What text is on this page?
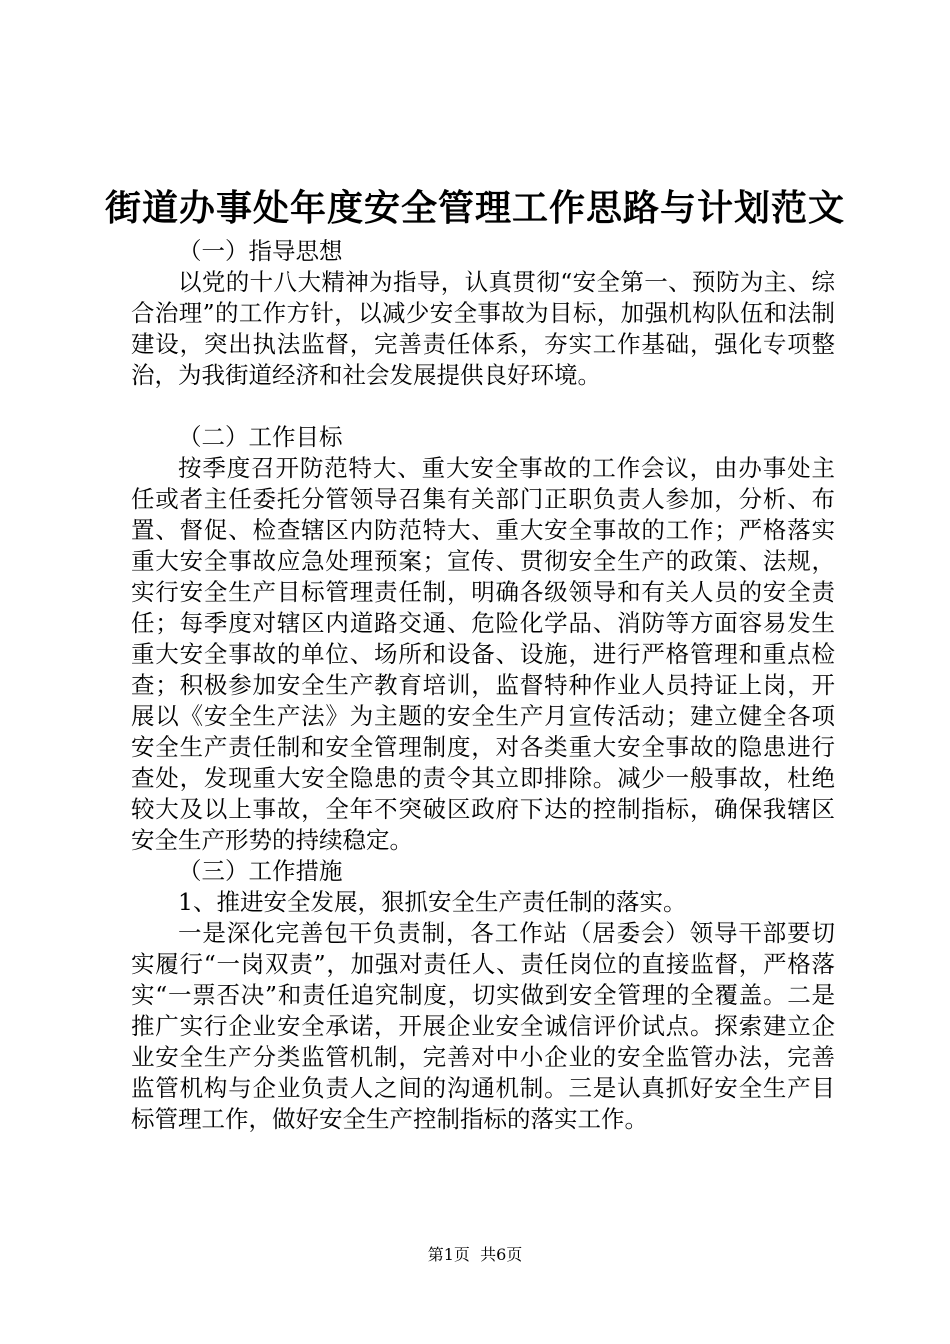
街道办事处年度安全管理工作思路与计划范文

（一）指导思想

以党的十八大精神为指导，认真贯彻“安全第一、预防为主、综合治理”的工作方针，以减少安全事故为目标，加强机构队伍和法制建设，突出执法监督，完善责任体系，夯实工作基础，强化专项整治，为我街道经济和社会发展提供良好环境。

（二）工作目标

按季度召开防范特大、重大安全事故的工作会议，由办事处主任或者主任委托分管领导召集有关部门正职负责人参加，分析、布置、督促、检查辖区内防范特大、重大安全事故的工作；严格落实重大安全事故应急处理预案；宣传、贯彻安全生产的政策、法规，实行安全生产目标管理责任制，明确各级领导和有关人员的安全责任；每季度对辖区内道路交通、危险化学品、消防等方面容易发生重大安全事故的单位、场所和设备、设施，进行严格管理和重点检查；积极参加安全生产教育培训，监督特种作业人员持证上岗，开展以《安全生产法》为主题的安全生产月宣传活动；建立健全各项安全生产责任制和安全管理制度，对各类重大安全事故的隐患进行查处，发现重大安全隐患的责令其立即排除。减少一般事故，杜绝较大及以上事故，全年不突破区政府下达的控制指标，确保我辖区安全生产形势的持续稳定。

（三）工作措施

1、推进安全发展，狠抓安全生产责任制的落实。

一是深化完善包干负责制，各工作站（居委会）领导干部要切实履行“一岗双责”，加强对责任人、责任岗位的直接监督，严格落实“一票否决”和责任追究制度，切实做到安全管理的全覆盖。二是推广实行企业安全承诺，开展企业安全诚信评价试点。探索建立企业安全生产分类监管机制，完善对中小企业的安全监管办法，完善监管机构与企业负责人之间的沟通机制。三是认真抓好安全生产目标管理工作，做好安全生产控制指标的落实工作。

第1页  共6页
